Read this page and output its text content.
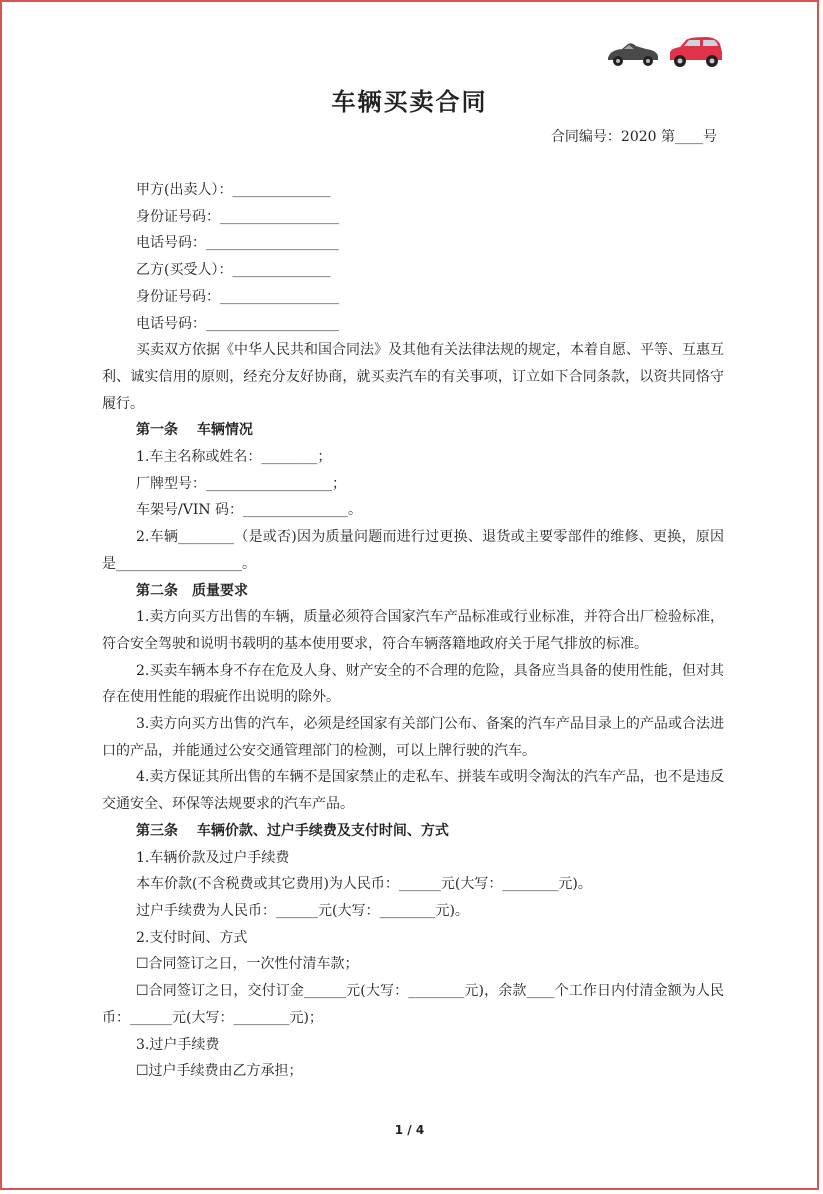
车辆买卖合同
合同编号：2020 第____号
甲方(出卖人）：______________
身份证号码：_________________
电话号码：___________________
乙方(买受人）：______________
身份证号码：_________________
电话号码：___________________

买卖双方依据《中华人民共和国合同法》及其他有关法律法规的规定，本着自愿、平等、互惠互利、诚实信用的原则，经充分友好协商，就买卖汽车的有关事项，订立如下合同条款，以资共同恪守履行。

第一条　 车辆情况
1.车主名称或姓名：________；
厂牌型号：__________________；
车架号/VIN 码：_______________。

2.车辆________（是或否)因为质量问题而进行过更换、退货或主要零部件的维修、更换，原因是__________________。

第二条　质量要求

1.卖方向买方出售的车辆，质量必须符合国家汽车产品标准或行业标准，并符合出厂检验标准，符合安全驾驶和说明书载明的基本使用要求，符合车辆落籍地政府关于尾气排放的标准。

2.买卖车辆本身不存在危及人身、财产安全的不合理的危险，具备应当具备的使用性能，但对其存在使用性能的瑕疵作出说明的除外。

3.卖方向买方出售的汽车，必须是经国家有关部门公布、备案的汽车产品目录上的产品或合法进口的产品，并能通过公安交通管理部门的检测，可以上牌行驶的汽车。

4.卖方保证其所出售的车辆不是国家禁止的走私车、拼装车或明令淘汰的汽车产品，也不是违反交通安全、环保等法规要求的汽车产品。

第三条　 车辆价款、过户手续费及支付时间、方式
1.车辆价款及过户手续费
本车价款(不含税费或其它费用)为人民币：______元(大写：________元)。
过户手续费为人民币：______元(大写：________元)。
2.支付时间、方式
☐合同签订之日，一次性付清车款；

☐合同签订之日，交付订金______元(大写：________元)，余款____个工作日内付清金额为人民币：______元(大写：________元)；

3.过户手续费
☐过户手续费由乙方承担；
1 / 4
